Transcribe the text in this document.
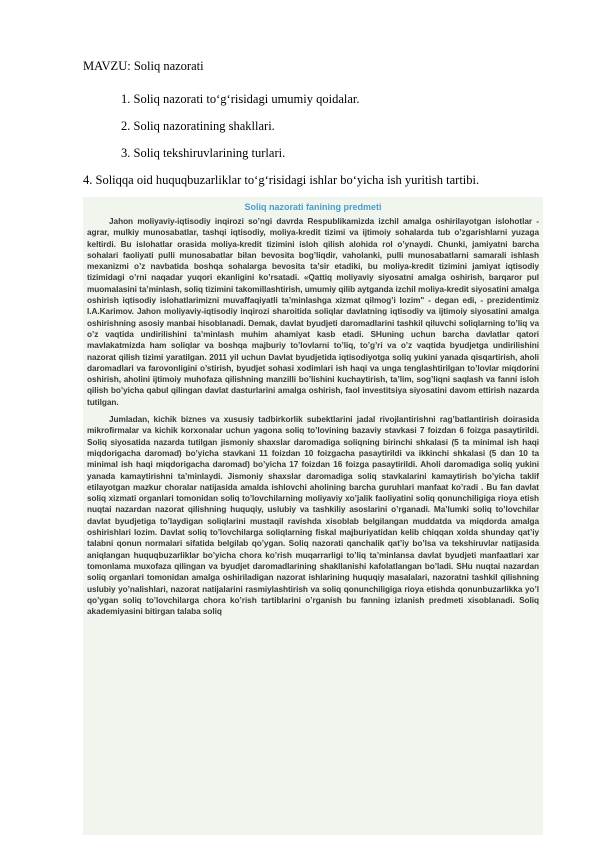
MAVZU: Soliq nazorati
1. Soliq nazorati to‘g‘risidagi umumiy qoidalar.
2. Soliq nazoratining shakllari.
3. Soliq tekshiruvlarining turlari.
4. Soliqqa oid huquqbuzarliklar to‘g‘risidagi ishlar bo‘yicha ish yuritish tartibi.
Soliq nazorati fanining predmeti

Jahon moliyaviy-iqtisodiy inqirozi so’ngi davrda Respublikamizda izchil amalga oshirilayotgan islohotlar - agrar, mulkiy munosabatlar, tashqi iqtisodiy, moliya-kredit tizimi va ijtimoiy sohalarda tub o’zgarishlarni yuzaga keltirdi. Bu islohatlar orasida moliya-kredit tizimini isloh qilish alohida rol o’ynaydi. Chunki, jamiyatni barcha sohalari faoliyati pulli munosabatlar bilan bevosita bog’liqdir, vaholanki, pulli munosabatlarni samarali ishlash mexanizmi o’z navbatida boshqa sohalarga bevosita ta’sir etadiki, bu moliya-kredit tizimini jamiyat iqtisodiy tizimidagi o’rni naqadar yuqori ekanligini ko’rsatadi. «Qattiq moliyaviy siyosatni amalga oshirish, barqaror pul muomalasini ta’minlash, soliq tizimini takomillashtirish, umumiy qilib aytganda izchil moliya-kredit siyosatini amalga oshirish iqtisodiy islohatlarimizni muvaffaqiyatli ta’minlashga xizmat qilmog’i lozim" - degan edi, - prezidentimiz I.A.Karimov. Jahon moliyaviy-iqtisodiy inqirozi sharoitida soliqlar davlatning iqtisodiy va ijtimoiy siyosatini amalga oshirishning asosiy manbai hisoblanadi. Demak, davlat byudjeti daromadlarini tashkil qiluvchi soliqlarning to’liq va o’z vaqtida undirilishini ta’minlash muhim ahamiyat kasb etadi. SHuning uchun barcha davlatlar qatori mavlakatmizda ham soliqlar va boshqa majburiy to’lovlarni to’liq, to’g’ri va o’z vaqtida byudjetga undirilishini nazorat qilish tizimi yaratilgan. 2011 yil uchun Davlat byudjetida iqtisodiyotga soliq yukini yanada qisqartirish, aholi daromadlari va farovonligini o’stirish, byudjet sohasi xodimlari ish haqi va unga tenglashtirilgan to’lovlar miqdorini oshirish, aholini ijtimoiy muhofaza qilishning manzilli bo’lishini kuchaytirish, ta’lim, sog’liqni saqlash va fanni isloh qilish bo’yicha qabul qilingan davlat dasturlarini amalga oshirish, faol investitsiya siyosatini davom ettirish nazarda tutilgan.

Jumladan, kichik biznes va xususiy tadbirkorlik subektlarini jadal rivojlantirishni rag’batlantirish doirasida mikrofirmalar va kichik korxonalar uchun yagona soliq to’lovining bazaviy stavkasi 7 foizdan 6 foizga pasaytirildi. Soliq siyosatida nazarda tutilgan jismoniy shaxslar daromadiga soliqning birinchi shkalasi (5 ta minimal ish haqi miqdorigacha daromad) bo’yicha stavkani 11 foizdan 10 foizgacha pasaytirildi va ikkinchi shkalasi (5 dan 10 ta minimal ish haqi miqdorigacha daromad) bo’yicha 17 foizdan 16 foizga pasaytirildi. Aholi daromadiga soliq yukini yanada kamaytirishni ta’minlaydi. Jismoniy shaxslar daromadiga soliq stavkalarini kamaytirish bo’yicha taklif etilayotgan mazkur choralar natijasida amalda ishlovchi aholining barcha guruhlari manfaat ko’radi . Bu fan davlat soliq xizmati organlari tomonidan soliq to’lovchilarning moliyaviy xo’jalik faoliyatini soliq qonunchiligiga rioya etish nuqtai nazardan nazorat qilishning huquqiy, uslubiy va tashkiliy asoslarini o’rganadi. Ma’lumki soliq to’lovchilar davlat byudjetiga to’laydigan soliqlarini mustaqil ravishda xisoblab belgilangan muddatda va miqdorda amalga oshirishlari lozim. Davlat soliq to’lovchilarga soliqlarning fiskal majburiyatidan kelib chiqqan xolda shunday qat’iy talabni qonun normalari sifatida belgilab qo’ygan. Soliq nazorati qanchalik qat’iy bo’lsa va tekshiruvlar natijasida aniqlangan huquqbuzarliklar bo’yicha chora ko’rish muqarrarligi to’liq ta’minlansa davlat byudjeti manfaatlari xar tomonlama muxofaza qilingan va byudjet daromadlarining shakllanishi kafolatlangan bo’ladi. SHu nuqtai nazardan soliq organlari tomonidan amalga oshiriladigan nazorat ishlarining huquqiy masalalari, nazoratni tashkil qilishning uslubiy yo’nalishlari, nazorat natijalarini rasmiylashtirish va soliq qonunchiligiga rioya etishda qonunbuzarlikka yo’l qo’ygan soliq to’lovchilarga chora ko’rish tartiblarini o’rganish bu fanning izlanish predmeti xisoblanadi. Soliq akademiyasini bitirgan talaba soliq
